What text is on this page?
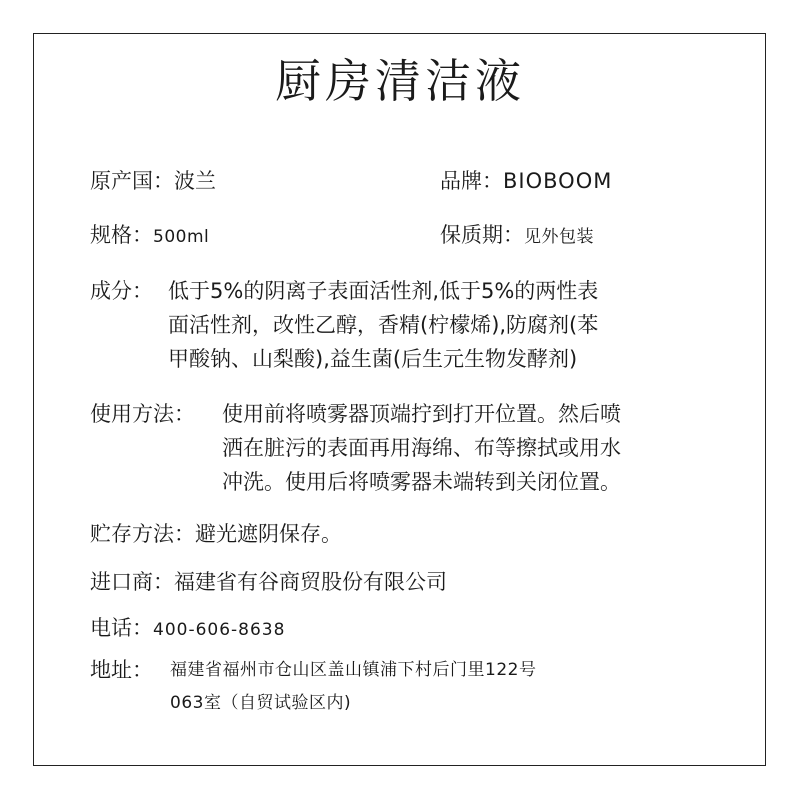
厨房清洁液
原产国：波兰	品牌：BIOBOOM
规格：500ml	保质期：见外包装
成分： 低于5%的阴离子表面活性剂,低于5%的两性表
面活性剂，改性乙醇，香精(柠檬烯),防腐剂(苯
甲酸钠、山梨酸),益生菌(后生元生物发酵剂)
使用方法： 使用前将喷雾器顶端拧到打开位置。然后喷
洒在脏污的表面再用海绵、布等擦拭或用水
冲洗。使用后将喷雾器未端转到关闭位置。
贮存方法：避光遮阴保存。
进口商：福建省有谷商贸股份有限公司
电话：400-606-8638
地址： 福建省福州市仓山区盖山镇浦下村后门里122号
063室（自贸试验区内)
